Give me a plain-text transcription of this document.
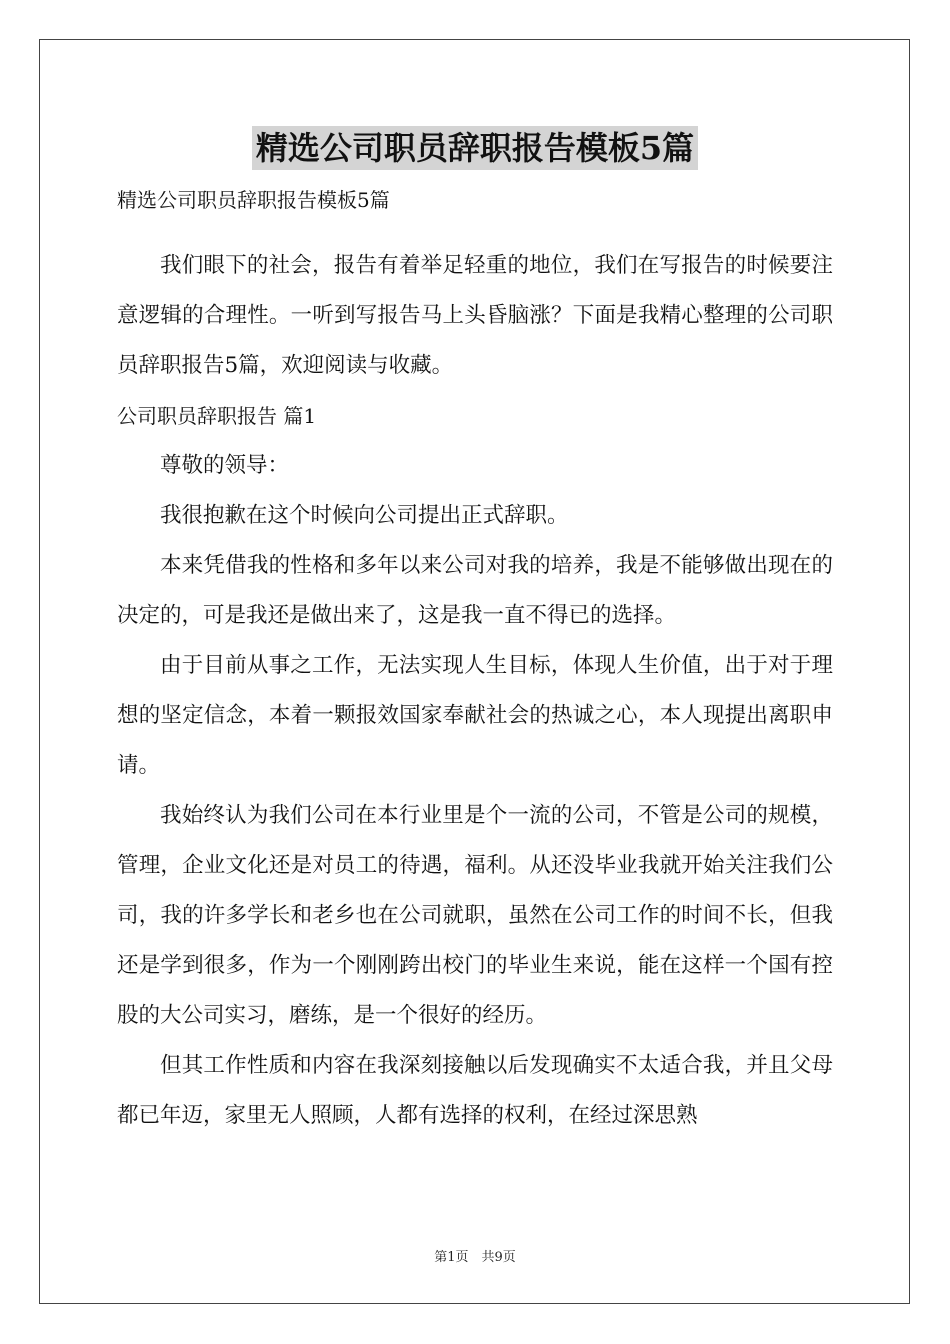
精选公司职员辞职报告模板5篇
精选公司职员辞职报告模板5篇

我们眼下的社会，报告有着举足轻重的地位，我们在写报告的时候要注意逻辑的合理性。一听到写报告马上头昏脑涨？下面是我精心整理的公司职员辞职报告5篇，欢迎阅读与收藏。

公司职员辞职报告 篇1

尊敬的领导：

我很抱歉在这个时候向公司提出正式辞职。

本来凭借我的性格和多年以来公司对我的培养，我是不能够做出现在的 决定的，可是我还是做出来了，这是我一直不得已的选择。

由于目前从事之工作，无法实现人生目标，体现人生价值，出于对于理想的坚定信念，本着一颗报效国家奉献社会的热诚之心，本人现提出离职申请。

我始终认为我们公司在本行业里是个一流的公司，不管是公司的规模，管理，企业文化还是对员工的待遇，福利。从还没毕业我就开始关注我们公司，我的许多学长和老乡也在公司就职，虽然在公司工作的时间不长，但我还是学到很多，作为一个刚刚跨出校门的毕业生来说，能在这样一个国有控股的大公司实习，磨练，是一个很好的经历。

但其工作性质和内容在我深刻接触以后发现确实不太适合我，并且父母都已年迈，家里无人照顾，人都有选择的权利，在经过深思熟

第1页　共9页
